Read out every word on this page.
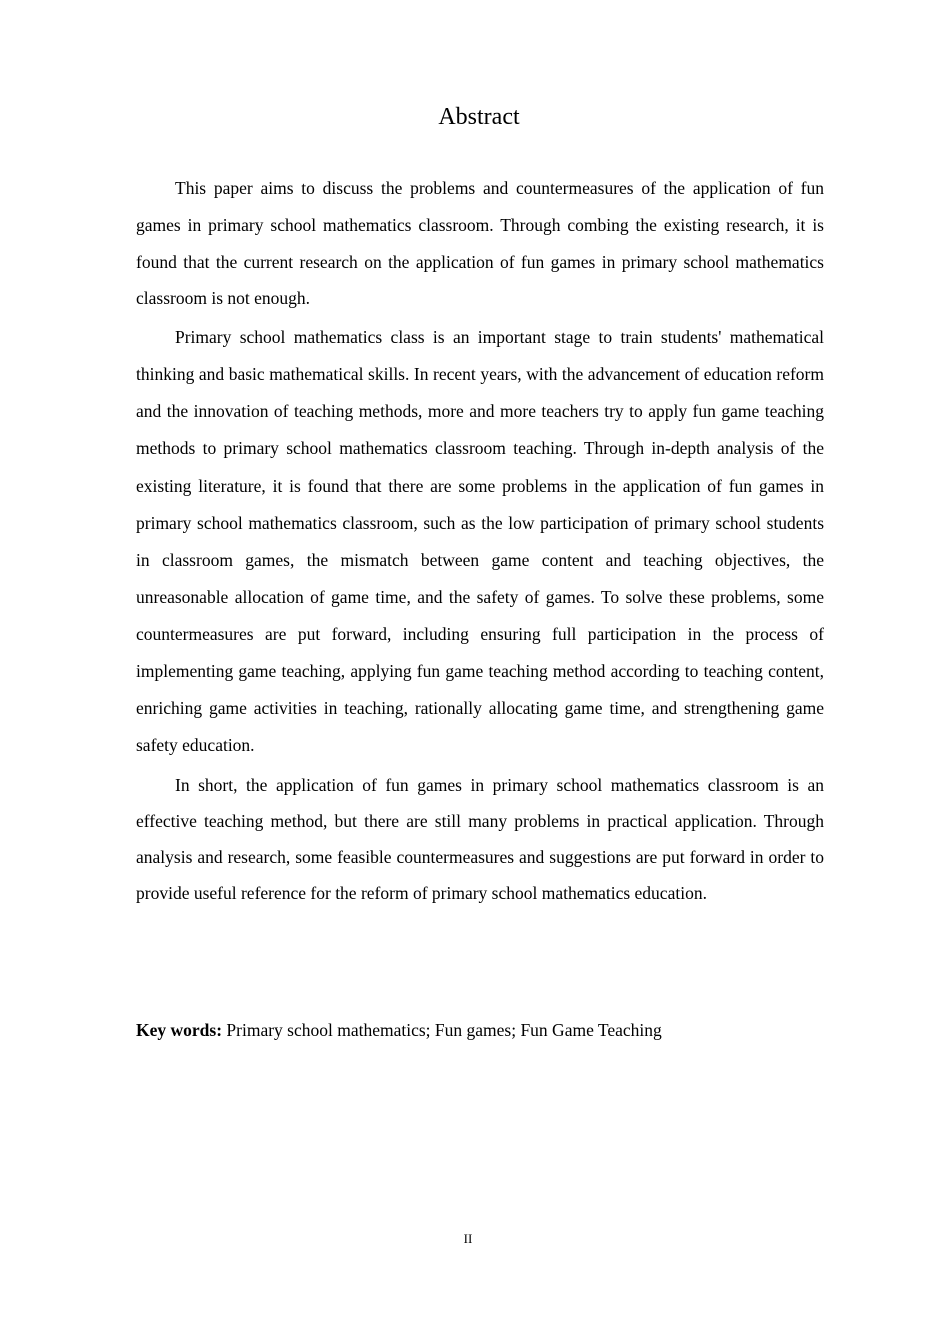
Abstract

This paper aims to discuss the problems and countermeasures of the application of fun games in primary school mathematics classroom. Through combing the existing research, it is found that the current research on the application of fun games in primary school mathematics classroom is not enough.

Primary school mathematics class is an important stage to train students' mathematical thinking and basic mathematical skills. In recent years, with the advancement of education reform and the innovation of teaching methods, more and more teachers try to apply fun game teaching methods to primary school mathematics classroom teaching. Through in-depth analysis of the existing literature, it is found that there are some problems in the application of fun games in primary school mathematics classroom, such as the low participation of primary school students in classroom games, the mismatch between game content and teaching objectives, the unreasonable allocation of game time, and the safety of games. To solve these problems, some countermeasures are put forward, including ensuring full participation in the process of implementing game teaching, applying fun game teaching method according to teaching content, enriching game activities in teaching, rationally allocating game time, and strengthening game safety education.

In short, the application of fun games in primary school mathematics classroom is an effective teaching method, but there are still many problems in practical application. Through analysis and research, some feasible countermeasures and suggestions are put forward in order to provide useful reference for the reform of primary school mathematics education.

Key words: Primary school mathematics; Fun games; Fun Game Teaching

II
